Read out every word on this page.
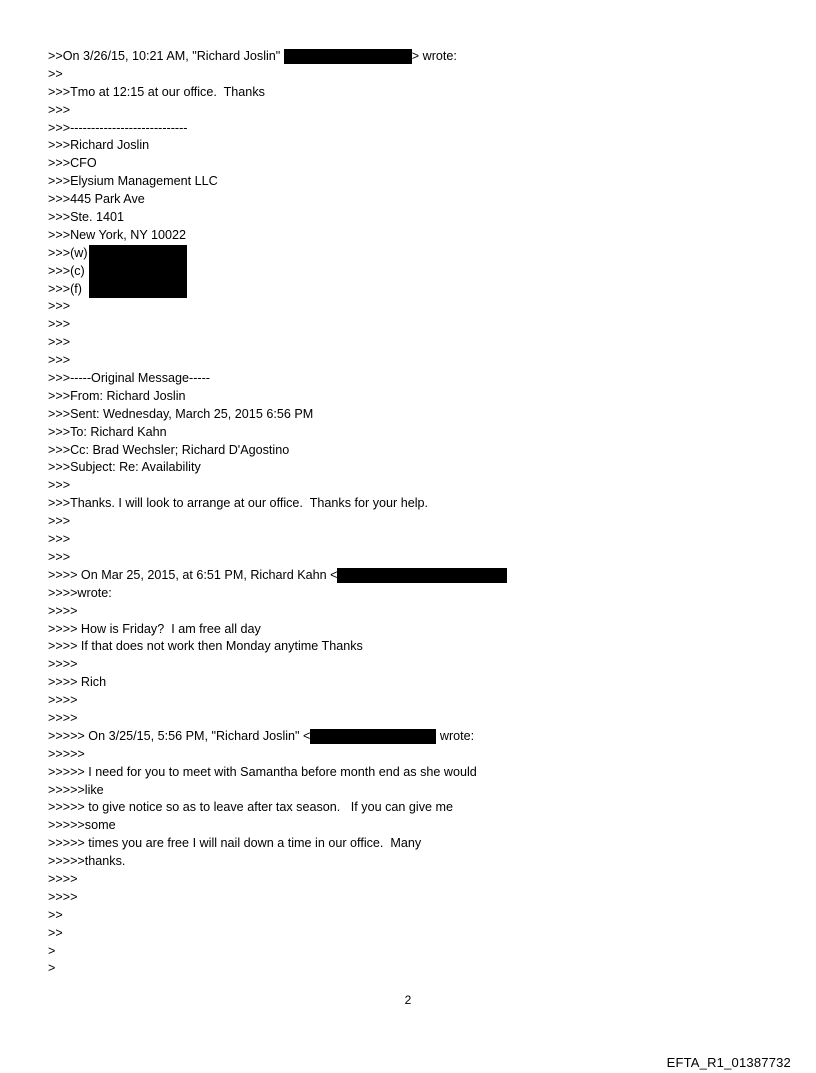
>>On 3/26/15, 10:21 AM, "Richard Joslin"	> wrote:
>>
>>>Tmo at 12:15 at our office.  Thanks
>>>
>>>----------------------------
>>>Richard Joslin
>>>CFO
>>>Elysium Management LLC
>>>445 Park Ave
>>>Ste. 1401
>>>New York, NY 10022
>>>(w)
>>>(c)
>>>(f)
>>>
>>>
>>>
>>>
>>>-----Original Message-----
>>>From: Richard Joslin
>>>Sent: Wednesday, March 25, 2015 6:56 PM
>>>To: Richard Kahn
>>>Cc: Brad Wechsler; Richard D'Agostino
>>>Subject: Re: Availability
>>>
>>>Thanks. I will look to arrange at our office.  Thanks for your help.
>>>
>>>
>>>
>>>> On Mar 25, 2015, at 6:51 PM, Richard Kahn <
>>>>wrote:
>>>>
>>>> How is Friday?  I am free all day
>>>> If that does not work then Monday anytime Thanks
>>>>
>>>> Rich
>>>>
>>>>
>>>>> On 3/25/15, 5:56 PM, "Richard Joslin" <	wrote:
>>>>>
>>>>> I need for you to meet with Samantha before month end as she would
>>>>>like
>>>>> to give notice so as to leave after tax season.   If you can give me
>>>>>some
>>>>> times you are free I will nail down a time in our office.  Many
>>>>>thanks.
>>>>
>>>>
>>
>>
>
>
2
EFTA_R1_01387732
